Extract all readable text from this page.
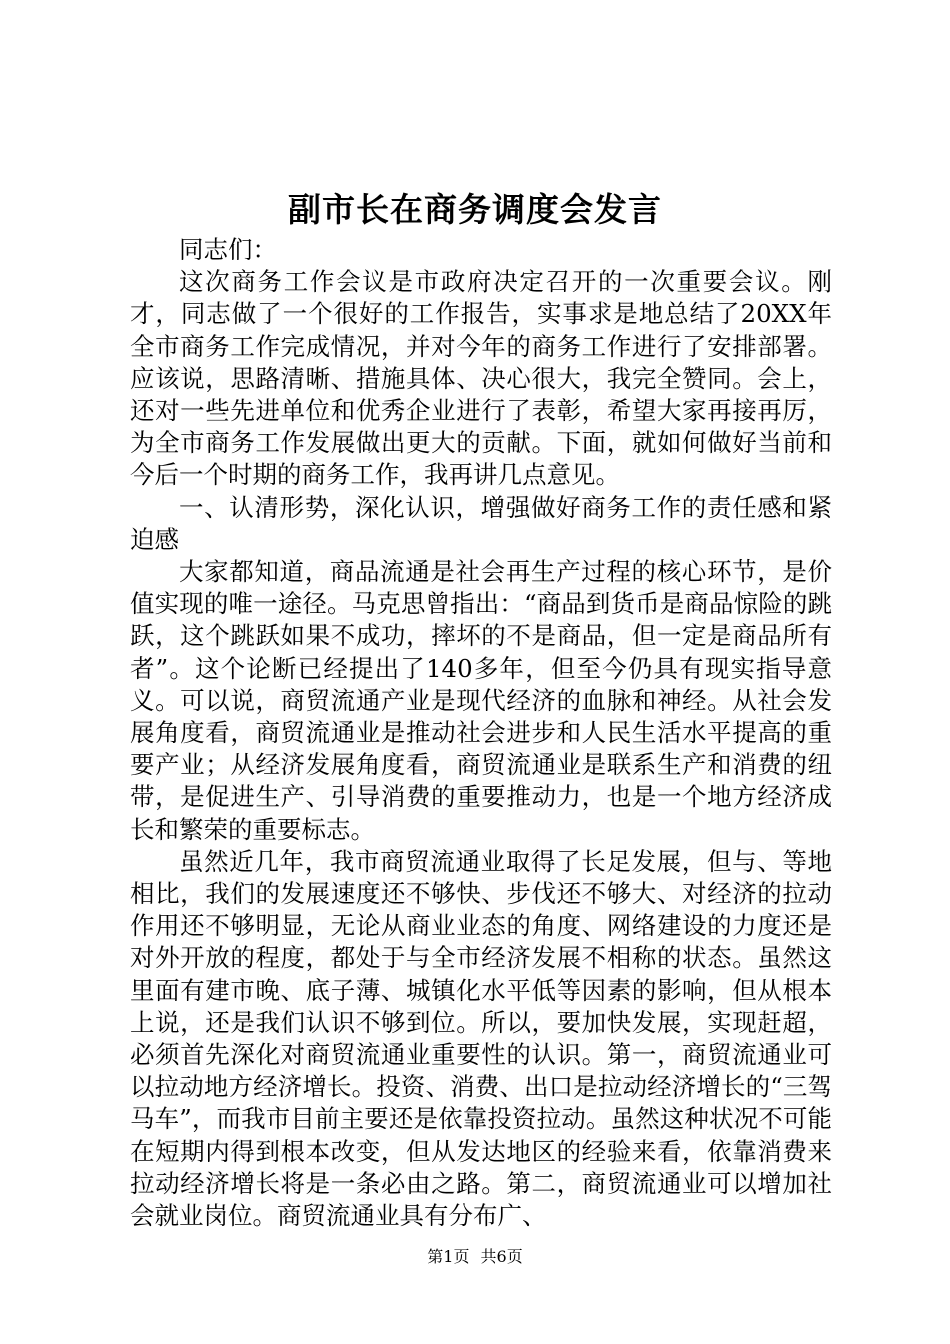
副市长在商务调度会发言

同志们：

这次商务工作会议是市政府决定召开的一次重要会议。刚才，同志做了一个很好的工作报告，实事求是地总结了20XX年全市商务工作完成情况，并对今年的商务工作进行了安排部署。应该说，思路清晰、措施具体、决心很大，我完全赞同。会上，还对一些先进单位和优秀企业进行了表彰，希望大家再接再厉，为全市商务工作发展做出更大的贡献。下面，就如何做好当前和今后一个时期的商务工作，我再讲几点意见。

一、认清形势，深化认识，增强做好商务工作的责任感和紧迫感

大家都知道，商品流通是社会再生产过程的核心环节，是价值实现的唯一途径。马克思曾指出：“商品到货币是商品惊险的跳跃，这个跳跃如果不成功，摔坏的不是商品，但一定是商品所有者”。这个论断已经提出了140多年，但至今仍具有现实指导意义。可以说，商贸流通产业是现代经济的血脉和神经。从社会发展角度看，商贸流通业是推动社会进步和人民生活水平提高的重要产业；从经济发展角度看，商贸流通业是联系生产和消费的纽带，是促进生产、引导消费的重要推动力，也是一个地方经济成长和繁荣的重要标志。

虽然近几年，我市商贸流通业取得了长足发展，但与、等地相比，我们的发展速度还不够快、步伐还不够大、对经济的拉动作用还不够明显，无论从商业业态的角度、网络建设的力度还是对外开放的程度，都处于与全市经济发展不相称的状态。虽然这里面有建市晚、底子薄、城镇化水平低等因素的影响，但从根本上说，还是我们认识不够到位。所以，要加快发展，实现赶超，必须首先深化对商贸流通业重要性的认识。第一，商贸流通业可以拉动地方经济增长。投资、消费、出口是拉动经济增长的“三驾马车”，而我市目前主要还是依靠投资拉动。虽然这种状况不可能在短期内得到根本改变，但从发达地区的经验来看，依靠消费来拉动经济增长将是一条必由之路。第二，商贸流通业可以增加社会就业岗位。商贸流通业具有分布广、

第1页 共6页
